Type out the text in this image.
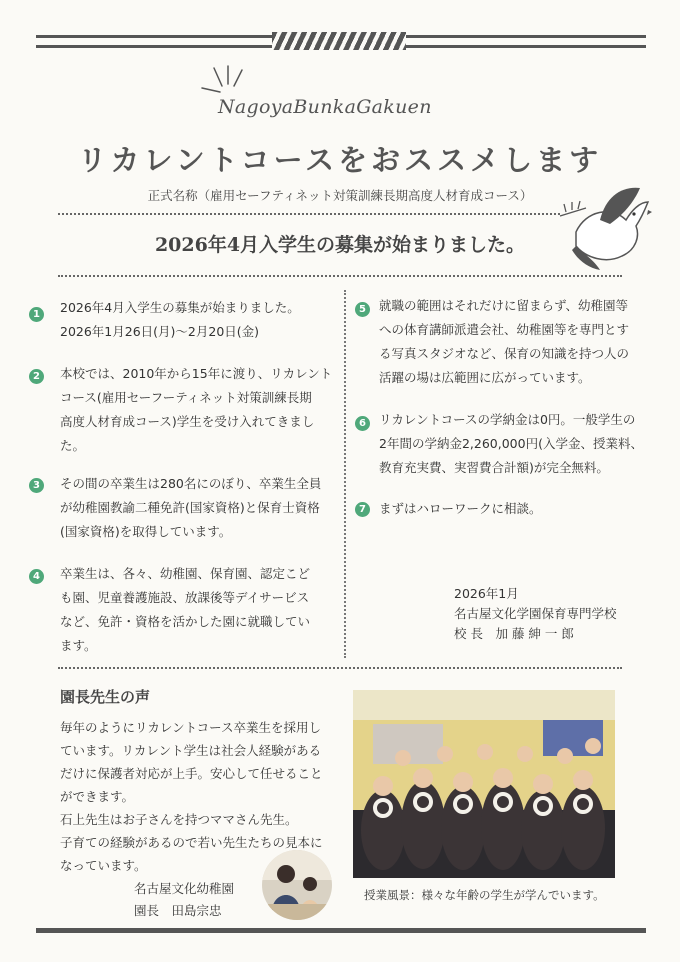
NagoyaBunkaGakuen
リカレントコースをおススメします
正式名称（雇用セーフティネット対策訓練長期高度人材育成コース）
2026年4月入学生の募集が始まりました。
1	2026年4月入学生の募集が始まりました。
2026年1月26日(月)～2月20日(金)
2	本校では、2010年から15年に渡り、リカレント
コース(雇用セーフーティネット対策訓練長期
高度人材育成コース)学生を受け入れてきまし
た。
3	その間の卒業生は280名にのぼり、卒業生全員
が幼稚園教諭二種免許(国家資格)と保育士資格
(国家資格)を取得しています。
4	卒業生は、各々、幼稚園、保育園、認定こど
も園、児童養護施設、放課後等デイサービス
など、免許・資格を活かした園に就職してい
ます。
5	就職の範囲はそれだけに留まらず、幼稚園等
への体育講師派遣会社、幼稚園等を専門とす
る写真スタジオなど、保育の知識を持つ人の
活躍の場は広範囲に広がっています。
6	リカレントコースの学納金は0円。一般学生の
2年間の学納金2,260,000円(入学金、授業料、
教育充実費、実習費合計額)が完全無料。
7	まずはハローワークに相談。
2026年1月
名古屋文化学園保育専門学校
校 長　加 藤 紳 一 郎
園長先生の声
毎年のようにリカレントコース卒業生を採用し
ています。リカレント学生は社会人経験がある
だけに保護者対応が上手。安心して任せること
ができます。
石上先生はお子さんを持つママさん先生。
子育ての経験があるので若い先生たちの見本に
なっています。
名古屋文化幼稚園
園長　田島宗忠
授業風景：様々な年齢の学生が学んでいます。
